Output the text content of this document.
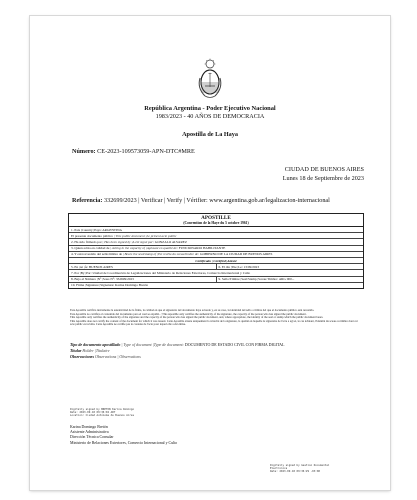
República Argentina - Poder Ejecutivo Nacional
1983/2023 - 40 AÑOS DE DEMOCRACIA
Apostilla de La Haya
Número: CE-2023-109573059-APN-DTC#MRE
CIUDAD DE BUENOS AIRES
Lunes 18 de Septiembre de 2023
Referencia: 332699/2023 | Verificar | Verify | Vérifier: www.argentina.gob.ar/legalizacion-internacional
APOSTILLE
(Convention de la Haye du 5 octobre 1961)
1. País |Country |Pays: ARGENTINA
El presente documento público | This public document |Le présent acte public
2. Ha sido firmado por | Has been signed by |A été signé par: GONZALO ALVAREZ
3. Quien actúa en calidad de | Acting in the capacity of |Agissant en qualité de: FUNCIONARIO HABILITANTE
4. Y está revestido del sello/timbre de | Bears the seal/stamp of |Est revêtu du sceau/timbre de: GOBIERNO DE LA CIUDAD DE BUENOS AIRES
Certificado | Certified |Attesté
5. En |At |À: BUENOS AIRES	6. El día |The |Le: 13/09/2023
7. Por |By |Par: Unidad de Coordinación de Legalizaciones del Ministerio de Relaciones Exteriores, Comercio Internacional y Culto
8. Bajo el Número |N° |Sous N°: 332699/2023	9. Sello/Timbre |Seal/Stamp |Sceau/Timbre: ARG 000...
10. Firma |Signature |Signature: Karina Domingo Bretón

Esta Apostilla certifica únicamente la autenticidad de la firma, la calidad en que el signatario del documento haya actuado y, en su caso, la identidad del sello o timbre del que el documento público esté revestido.

Esta Apostilla no certifica el contenido del documento para el cual se expidió. / This Apostille only certifies the authenticity of the signature, the capacity of the person who has signed the public document.

This Apostille only certifies the authenticity of the signature and the capacity of the person who has signed the public document, and, where appropriate, the identity of the seal or stamp which the public document bears.

This Apostille does not certify the content of the document for which it was issued. Cette Apostille atteste uniquement la véracité de la signature, la qualité en laquelle le signataire de l'acte a agi et, le cas échéant, l'identité du sceau ou timbre dont cet acte public est revêtu. Cette Apostille ne certifie pas le contenu de l'acte pour lequel elle a été émise.

Tipo de documento apostillado | Type of document |Type de document: DOCUMENTO DE ESTADO CIVIL CON FIRMA DIGITAL
Titular Holder |Titulaire
Observaciones Observations | Observations
Digitally signed by BRETON Karina Domingo
Date: 2023.09.18 09:36:02 ART
Location: Ciudad Autónoma de Buenos Aires
Karina Domingo Bretón
Asistente Administrativa
Dirección Técnica Consular
Ministerio de Relaciones Exteriores, Comercio Internacional y Culto
Digitally signed by Gestion Documental
Electronica
Date: 2023.09.18 09:36:29 -03:00
